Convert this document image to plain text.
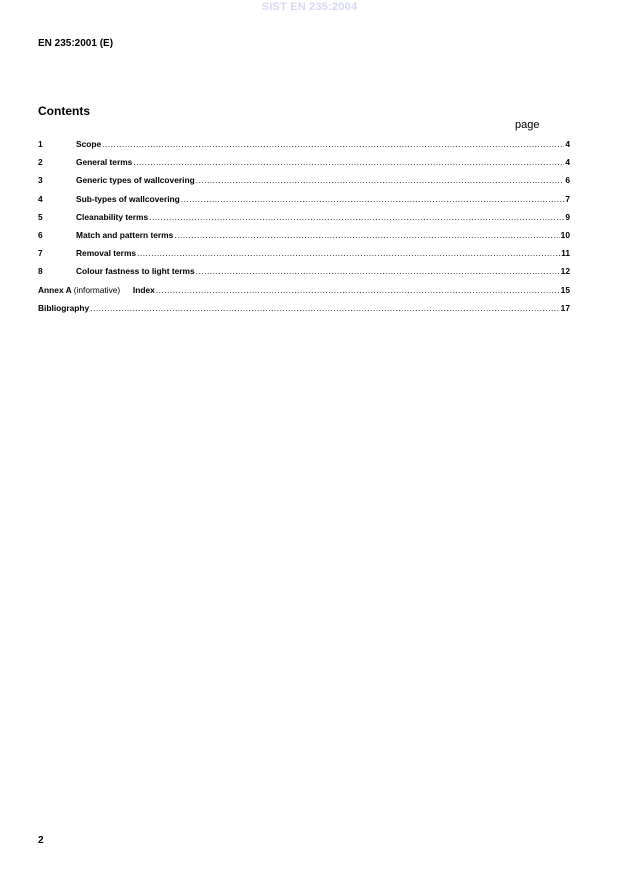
SIST EN 235:2004
EN 235:2001 (E)
Contents
page
1	Scope .....	4
2	General terms .....	4
3	Generic types of wallcovering .....	6
4	Sub-types of wallcovering .....	7
5	Cleanability terms .....	9
6	Match and pattern terms .....	10
7	Removal terms .....	11
8	Colour fastness to light terms .....	12
Annex A (informative) Index .....	15
Bibliography .....	17
2
